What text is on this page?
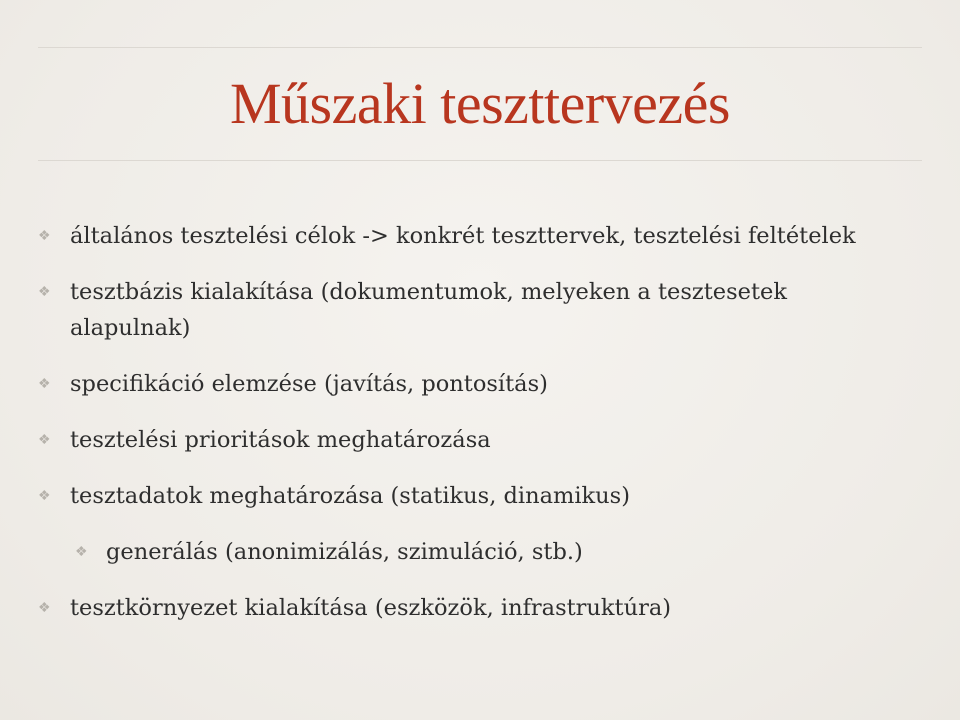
Műszaki teszttervezés
❖ általános tesztelési célok -> konkrét teszttervek, tesztelési feltételek
❖ tesztbázis kialakítása (dokumentumok, melyeken a tesztesetek
alapulnak)
❖ specifikáció elemzése (javítás, pontosítás)
❖ tesztelési prioritások meghatározása
❖ tesztadatok meghatározása (statikus, dinamikus)
❖ generálás (anonimizálás, szimuláció, stb.)
❖ tesztkörnyezet kialakítása (eszközök, infrastruktúra)
